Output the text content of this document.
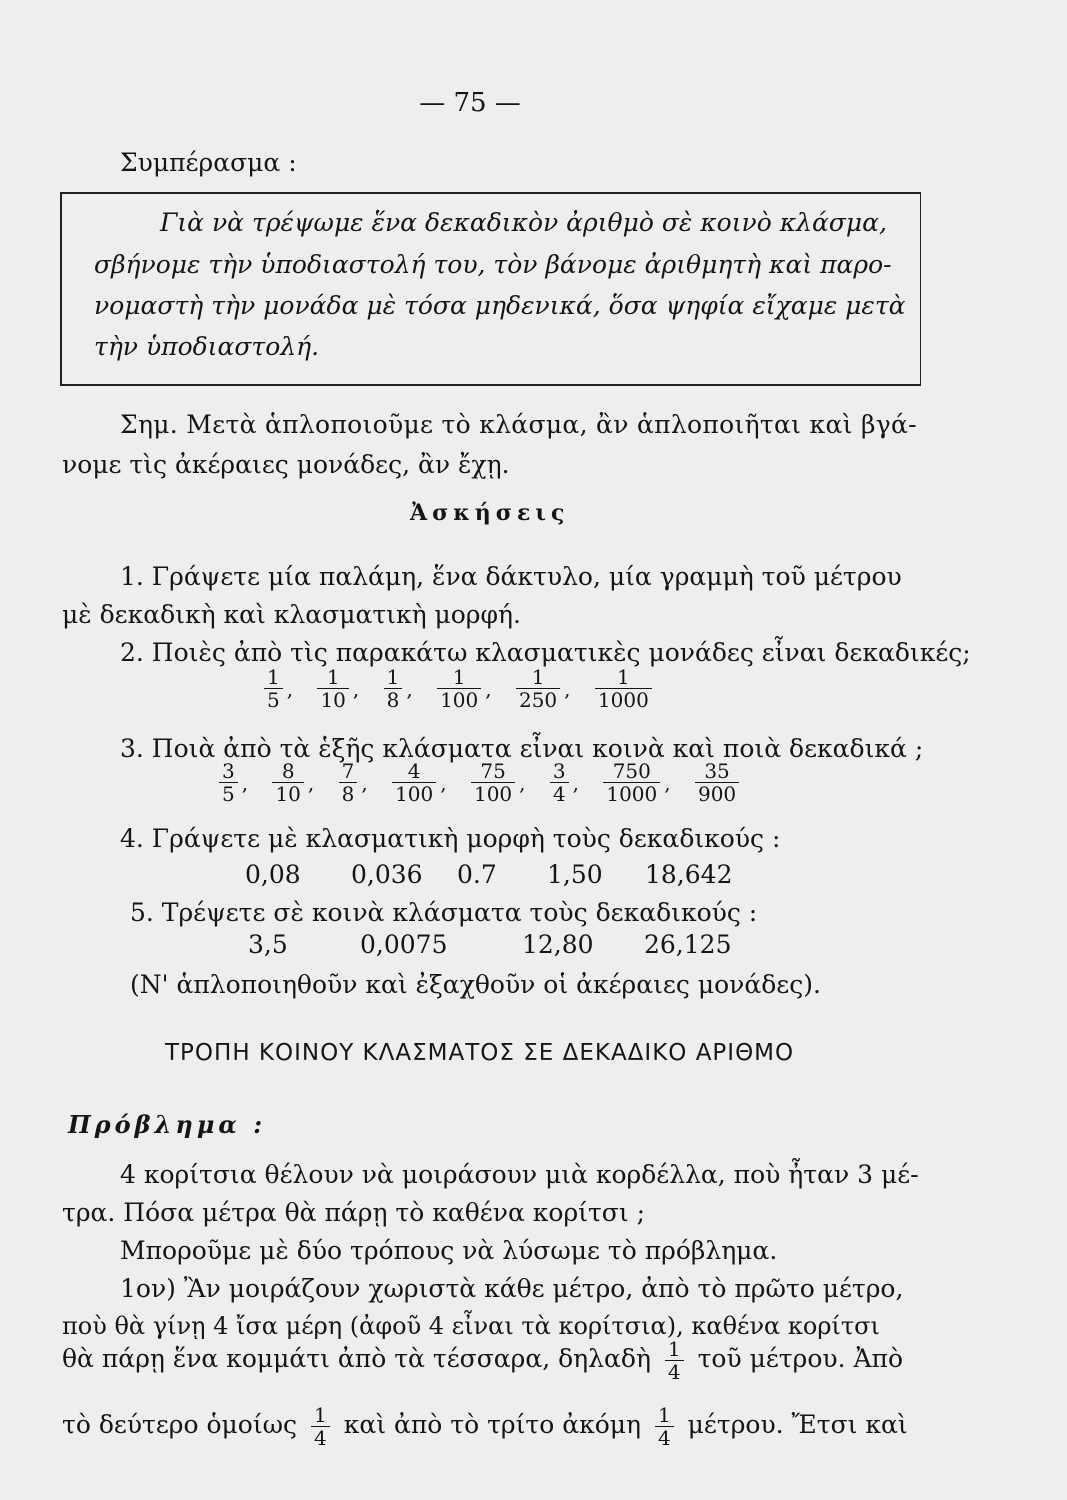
— 75 —
Συμπέρασμα :
Γιὰ νὰ τρέψωμε ἕνα δεκαδικὸν ἀριθμὸ σὲ κοινὸ κλάσμα,
σβήνομε τὴν ὑποδιαστολή του, τὸν βάνομε ἀριθμητὴ καὶ παρο-
νομαστὴ τὴν μονάδα μὲ τόσα μηδενικά, ὅσα ψηφία εἴχαμε μετὰ
τὴν ὑποδιαστολή.
Σημ. Μετὰ ἁπλοποιοῦμε τὸ κλάσμα, ἂν ἁπλοποιῆται καὶ βγά-
νομε τὶς ἀκέραιες μονάδες, ἂν ἔχῃ.
Ἀσκήσεις
1. Γράψετε μία παλάμη, ἕνα δάκτυλο, μία γραμμὴ τοῦ μέτρου
μὲ δεκαδικὴ καὶ κλασματικὴ μορφή.
2. Ποιὲς ἀπὸ τὶς παρακάτω κλασματικὲς μονάδες εἶναι δεκαδικές;
$\frac{1}{5}$ , $\frac{1}{10}$ , $\frac{1}{8}$ , $\frac{1}{100}$ , $\frac{1}{250}$ , $\frac{1}{1000}$
3. Ποιὰ ἀπὸ τὰ ἑξῆς κλάσματα εἶναι κοινὰ καὶ ποιὰ δεκαδικά ;
$\frac{3}{5}$ , $\frac{8}{10}$ , $\frac{7}{8}$ , $\frac{4}{100}$ , $\frac{75}{100}$ , $\frac{3}{4}$ , $\frac{750}{1000}$ , $\frac{35}{900}$
4. Γράψετε μὲ κλασματικὴ μορφὴ τοὺς δεκαδικούς :
0,08 0,036 0.7 1,50 18,642
5. Τρέψετε σὲ κοινὰ κλάσματα τοὺς δεκαδικούς :
3,5	0,0075	12,80 26,125
(Ν' ἁπλοποιηθοῦν καὶ ἐξαχθοῦν οἱ ἀκέραιες μονάδες).
ΤΡΟΠΗ ΚΟΙΝΟΥ ΚΛΑΣΜΑΤΟΣ ΣΕ ΔΕΚΑΔΙΚΟ ΑΡΙΘΜΟ
Πρόβλημα :
4 κορίτσια θέλουν νὰ μοιράσουν μιὰ κορδέλλα, ποὺ ἦταν 3 μέ-
τρα. Πόσα μέτρα θὰ πάρῃ τὸ καθένα κορίτσι ;
Μποροῦμε μὲ δύο τρόπους νὰ λύσωμε τὸ πρόβλημα.
1ον) Ἂν μοιράζουν χωριστὰ κάθε μέτρο, ἀπὸ τὸ πρῶτο μέτρο,
ποὺ θὰ γίνῃ 4 ἴσα μέρη (ἀφοῦ 4 εἶναι τὰ κορίτσια), καθένα κορίτσι
θὰ πάρῃ ἕνα κομμάτι ἀπὸ τὰ τέσσαρα, δηλαδὴ $\frac{1}{4}$ τοῦ μέτρου. Ἀπὸ
τὸ δεύτερο ὁμοίως $\frac{1}{4}$ καὶ ἀπὸ τὸ τρίτο ἀκόμη $\frac{1}{4} \mu έ\tau\rho o\upsilon$. Ἔτσι καὶ
